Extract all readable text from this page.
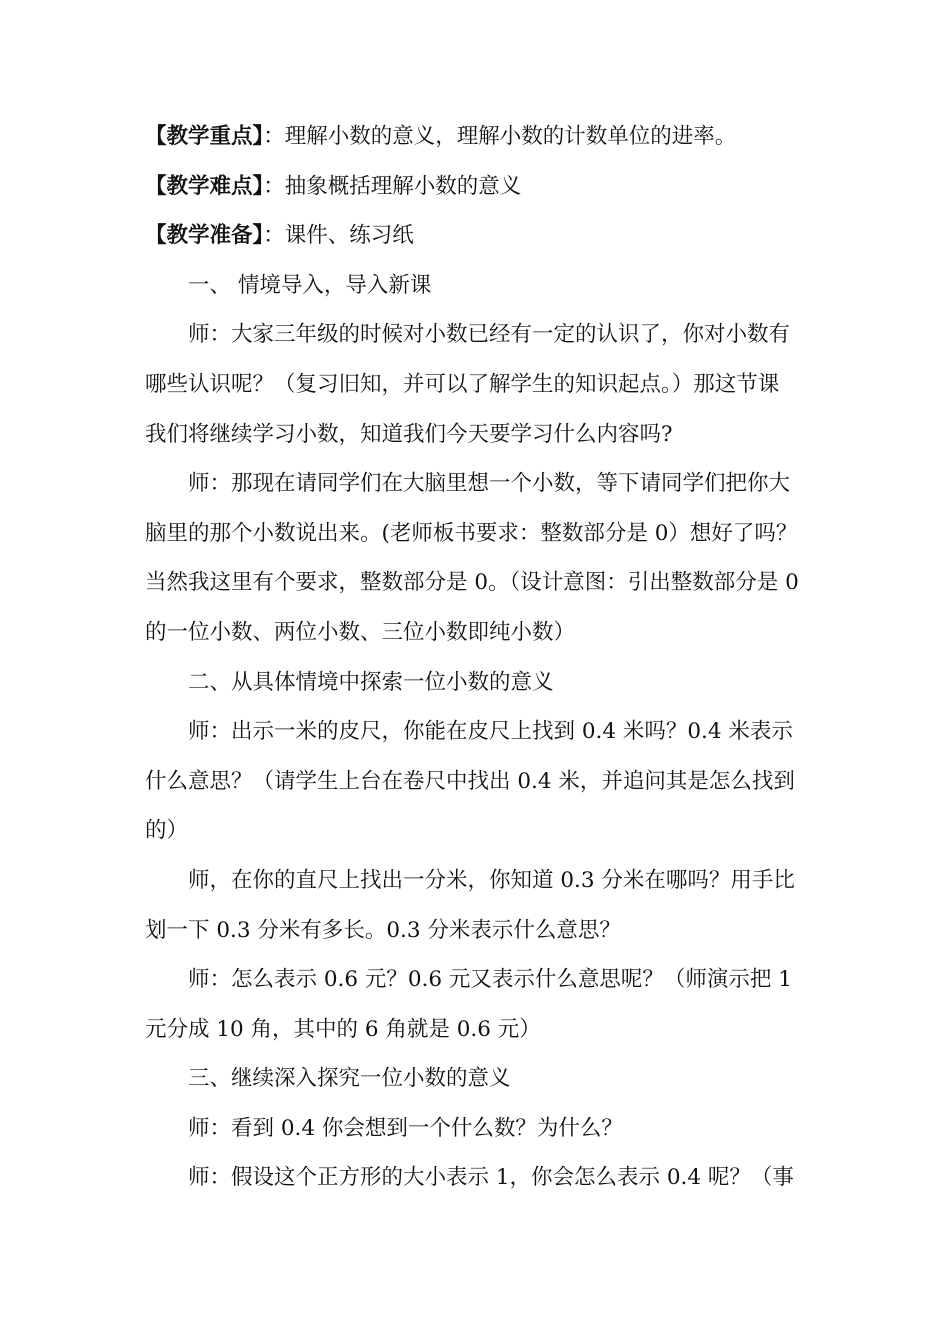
【教学重点】：理解小数的意义，理解小数的计数单位的进率。
【教学难点】：抽象概括理解小数的意义
【教学准备】：课件、练习纸
一、 情境导入，导入新课
师：大家三年级的时候对小数已经有一定的认识了，你对小数有
哪些认识呢？（复习旧知，并可以了解学生的知识起点。）那这节课
我们将继续学习小数，知道我们今天要学习什么内容吗?
师：那现在请同学们在大脑里想一个小数，等下请同学们把你大
脑里的那个小数说出来。(老师板书要求：整数部分是 0）想好了吗？
当然我这里有个要求，整数部分是 0。（设计意图：引出整数部分是 0
的一位小数、两位小数、三位小数即纯小数）
二、从具体情境中探索一位小数的意义
师：出示一米的皮尺，你能在皮尺上找到 0.4 米吗？0.4 米表示
什么意思？（请学生上台在卷尺中找出 0.4 米，并追问其是怎么找到
的）
师，在你的直尺上找出一分米，你知道 0.3 分米在哪吗？用手比
划一下 0.3 分米有多长。0.3 分米表示什么意思？
师：怎么表示 0.6 元？0.6 元又表示什么意思呢？（师演示把 1
元分成 10 角，其中的 6 角就是 0.6 元）
三、继续深入探究一位小数的意义
师：看到 0.4 你会想到一个什么数？为什么？
师：假设这个正方形的大小表示 1，你会怎么表示 0.4 呢？（事
